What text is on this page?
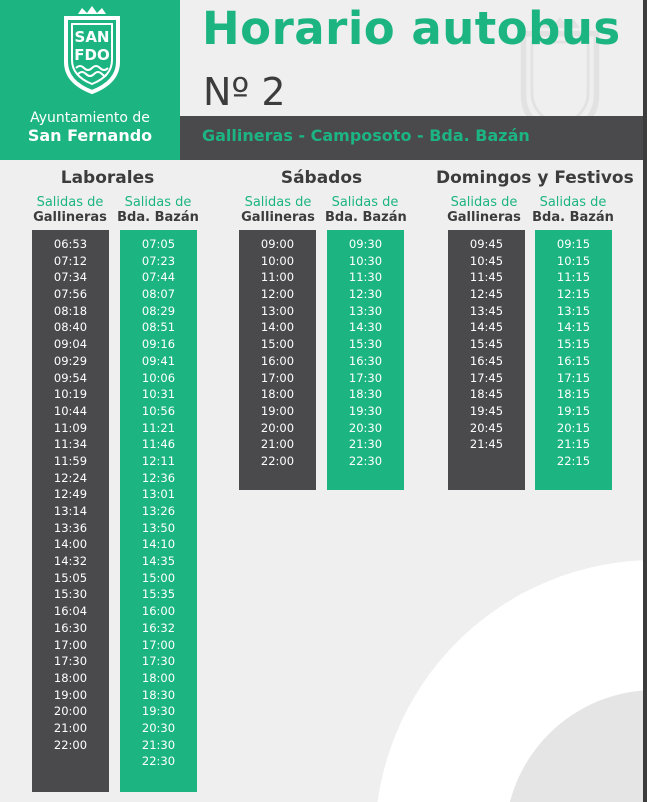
SAN
FDO
Ayuntamiento de
San Fernando
Horario autobus
Nº 2
Gallineras - Camposoto - Bda. Bazán
Laborales
Salidas de
Gallineras
Salidas de
Bda. Bazán
06:53
07:12
07:34
07:56
08:18
08:40
09:04
09:29
09:54
10:19
10:44
11:09
11:34
11:59
12:24
12:49
13:14
13:36
14:00
14:32
15:05
15:30
16:04
16:30
17:00
17:30
18:00
19:00
20:00
21:00
22:00
07:05
07:23
07:44
08:07
08:29
08:51
09:16
09:41
10:06
10:31
10:56
11:21
11:46
12:11
12:36
13:01
13:26
13:50
14:10
14:35
15:00
15:35
16:00
16:32
17:00
17:30
18:00
18:30
19:30
20:30
21:30
22:30
Sábados
Salidas de
Gallineras
Salidas de
Bda. Bazán
09:00
10:00
11:00
12:00
13:00
14:00
15:00
16:00
17:00
18:00
19:00
20:00
21:00
22:00
09:30
10:30
11:30
12:30
13:30
14:30
15:30
16:30
17:30
18:30
19:30
20:30
21:30
22:30
Domingos y Festivos
Salidas de
Gallineras
Salidas de
Bda. Bazán
09:45
10:45
11:45
12:45
13:45
14:45
15:45
16:45
17:45
18:45
19:45
20:45
21:45
09:15
10:15
11:15
12:15
13:15
14:15
15:15
16:15
17:15
18:15
19:15
20:15
21:15
22:15
